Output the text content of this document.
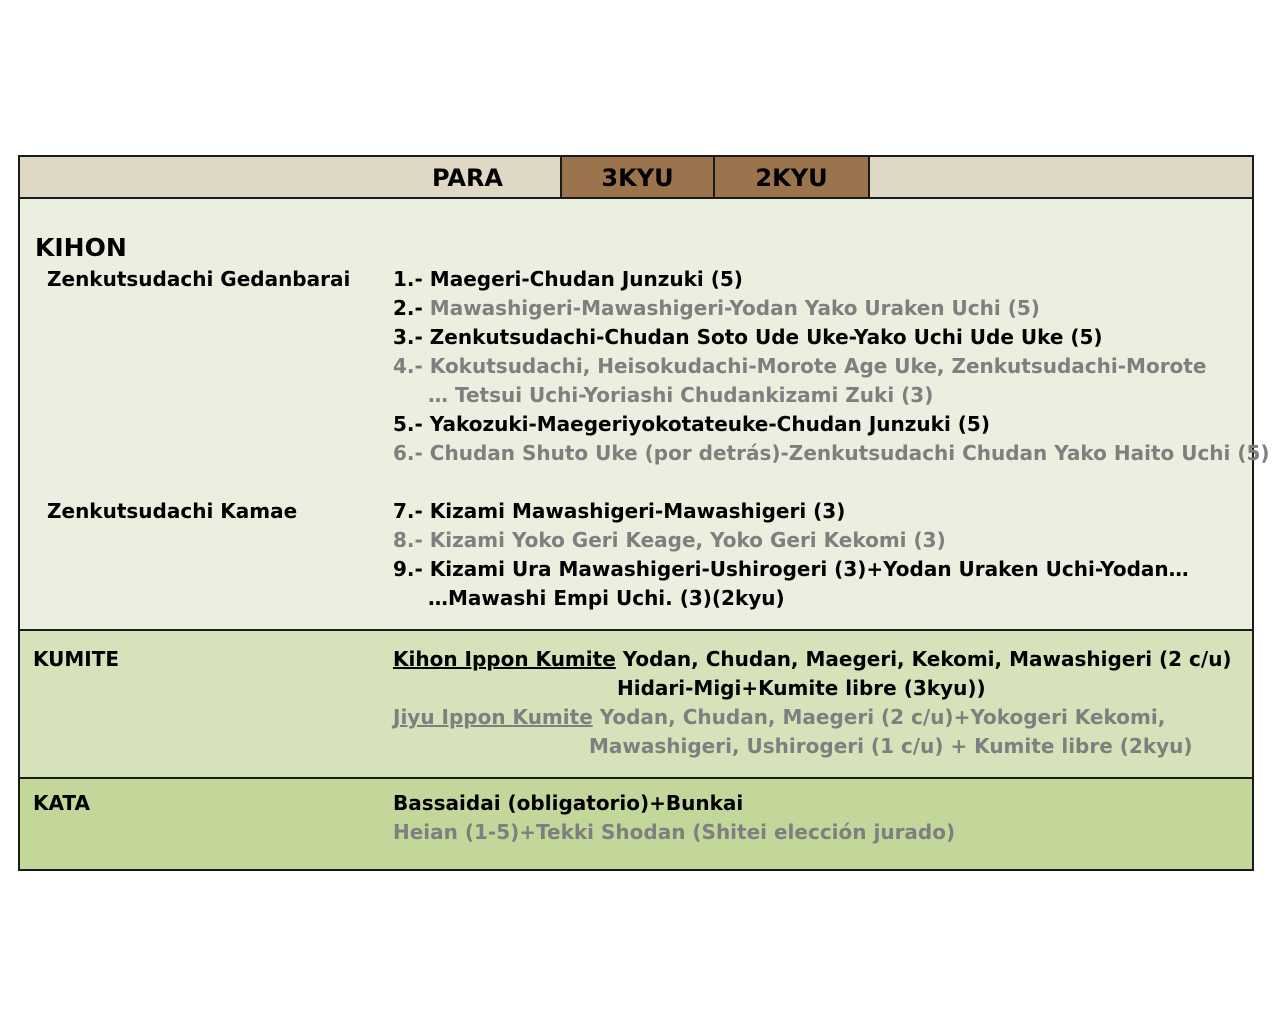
PARA	3KYU	2KYU
KIHON
Zenkutsudachi Gedanbarai 1.- Maegeri-Chudan Junzuki (5)
2.- Mawashigeri-Mawashigeri-Yodan Yako Uraken Uchi (5)
3.- Zenkutsudachi-Chudan Soto Ude Uke-Yako Uchi Ude Uke (5)
4.- Kokutsudachi, Heisokudachi-Morote Age Uke, Zenkutsudachi-Morote
… Tetsui Uchi-Yoriashi Chudankizami Zuki (3)
5.- Yakozuki-Maegeriyokotateuke-Chudan Junzuki (5)
6.- Chudan Shuto Uke (por detrás)-Zenkutsudachi Chudan Yako Haito Uchi (5)
Zenkutsudachi Kamae	7.- Kizami Mawashigeri-Mawashigeri (3)
8.- Kizami Yoko Geri Keage, Yoko Geri Kekomi (3)
9.- Kizami Ura Mawashigeri-Ushirogeri (3)+Yodan Uraken Uchi-Yodan…
…Mawashi Empi Uchi. (3)(2kyu)
KUMITE	Kihon Ippon Kumite Yodan, Chudan, Maegeri, Kekomi, Mawashigeri (2 c/u)
Hidari-Migi+Kumite libre (3kyu))
Jiyu Ippon Kumite Yodan, Chudan, Maegeri (2 c/u)+Yokogeri Kekomi,
Mawashigeri, Ushirogeri (1 c/u) + Kumite libre (2kyu)
KATA	Bassaidai (obligatorio)+Bunkai
Heian (1-5)+Tekki Shodan (Shitei elección jurado)
